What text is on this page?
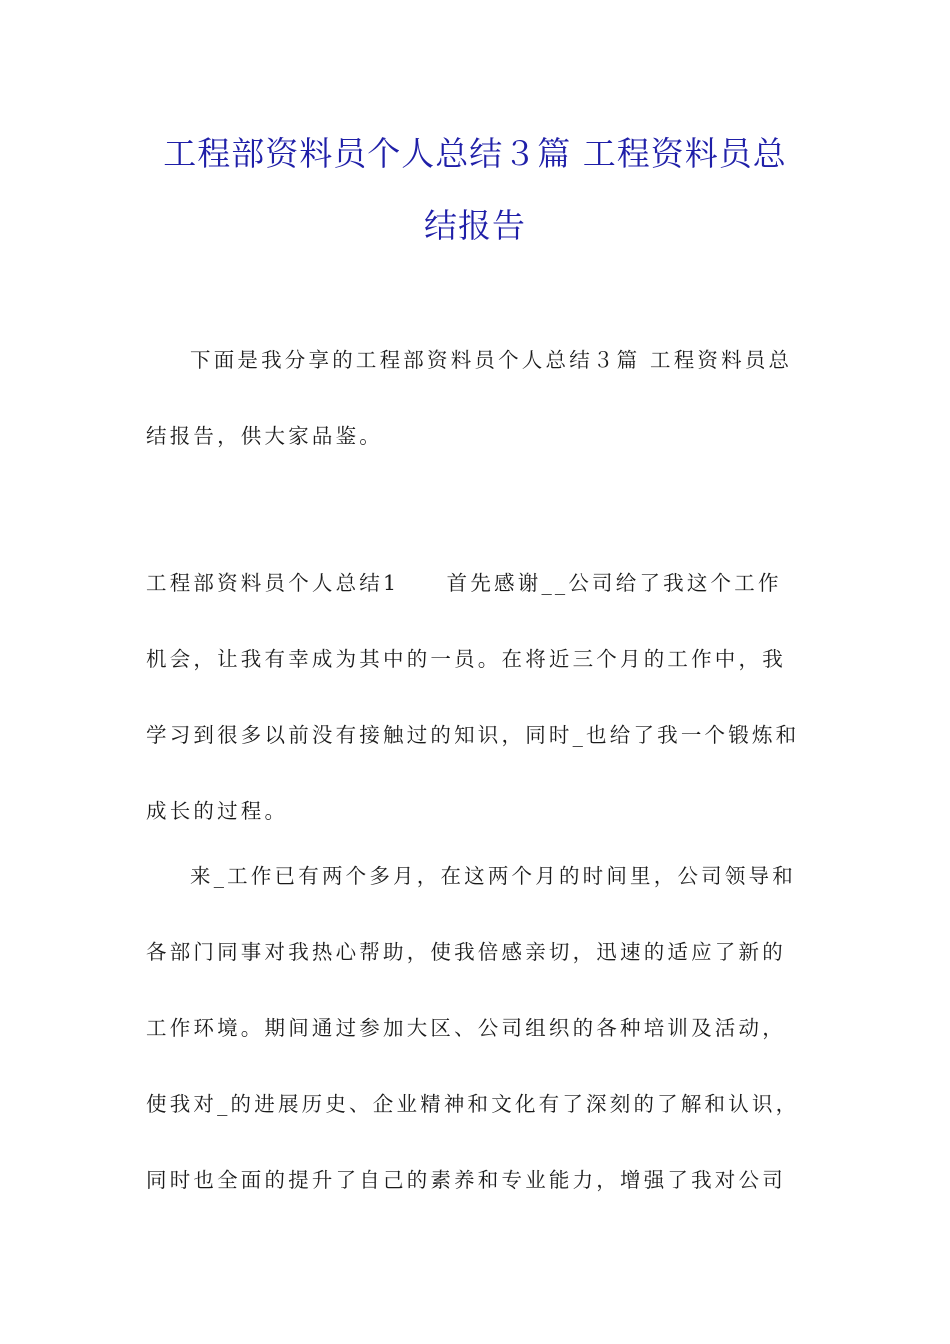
工程部资料员个人总结３篇 工程资料员总
结报告

下面是我分享的工程部资料员个人总结３篇 工程资料员总
结报告，供大家品鉴。

工程部资料员个人总结1　　首先感谢__公司给了我这个工作
机会，让我有幸成为其中的一员。在将近三个月的工作中，我
学习到很多以前没有接触过的知识，同时_也给了我一个锻炼和
成长的过程。

来_工作已有两个多月，在这两个月的时间里，公司领导和
各部门同事对我热心帮助，使我倍感亲切，迅速的适应了新的
工作环境。期间通过参加大区、公司组织的各种培训及活动，
使我对_的进展历史、企业精神和文化有了深刻的了解和认识，
同时也全面的提升了自己的素养和专业能力，增强了我对公司
